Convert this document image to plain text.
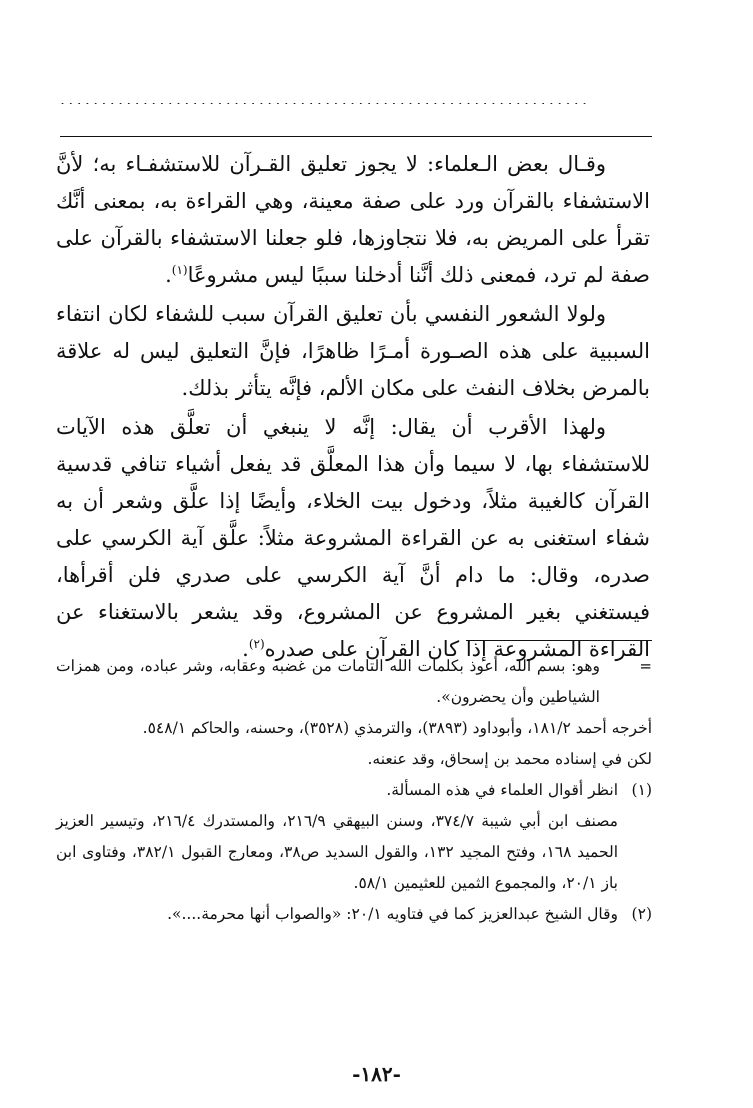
................................................................

وقـال بعض الـعلماء: لا يجوز تعليق القـرآن للاستشفـاء به؛ لأنَّ الاستشفاء بالقرآن ورد على صفة معينة، وهي القراءة به، بمعنى أنَّك تقرأ على المريض به، فلا نتجاوزها، فلو جعلنا الاستشفاء بالقرآن على صفة لم ترد، فمعنى ذلك أنَّنا أدخلنا سببًا ليس مشروعًا$^{(١)}$.

ولولا الشعور النفسي بأن تعليق القرآن سبب للشفاء لكان انتفاء السببية على هذه الصـورة أمـرًا ظاهرًا، فإنَّ التعليق ليس له علاقة بالمرض بخلاف النفث على مكان الألم، فإنَّه يتأثر بذلك.

ولهذا الأقرب أن يقال: إنَّه لا ينبغي أن تعلَّق هذه الآيات للاستشفاء بها، لا سيما وأن هذا المعلَّق قد يفعل أشياء تنافي قدسية القرآن كالغيبة مثلاً، ودخول بيت الخلاء، وأيضًا إذا علَّق وشعر أن به شفاء استغنى به عن القراءة المشروعة مثلاً: علَّق آية الكرسي على صدره، وقال: ما دام أنَّ آية الكرسي على صدري فلن أقرأها، فيستغني بغير المشروع عن المشروع، وقد يشعر بالاستغناء عن القراءة المشروعة إذا كان القرآن على صدره$^{(٢)}$.

=

وهو: بسم الله، أعوذ بكلمات الله التامات من غضبه وعقابه، وشر عباده، ومن همزات الشياطين وأن يحضرون».

أخرجه أحمد ١٨١/٢، وأبوداود (٣٨٩٣)، والترمذي (٣٥٢٨)، وحسنه، والحاكم ٥٤٨/١.

لكن في إسناده محمد بن إسحاق، وقد عنعنه.

(١)

انظر أقوال العلماء في هذه المسألة.

مصنف ابن أبي شيبة ٣٧٤/٧، وسنن البيهقي ٢١٦/٩، والمستدرك ٢١٦/٤، وتيسير العزيز الحميد ١٦٨، وفتح المجيد ١٣٢، والقول السديد ص٣٨، ومعارج القبول ٣٨٢/١، وفتاوى ابن باز ٢٠/١، والمجموع الثمين للعثيمين ٥٨/١.

(٢)

وقال الشيخ عبدالعزيز كما في فتاويه ٢٠/١: «والصواب أنها محرمة....».

-١٨٢-
